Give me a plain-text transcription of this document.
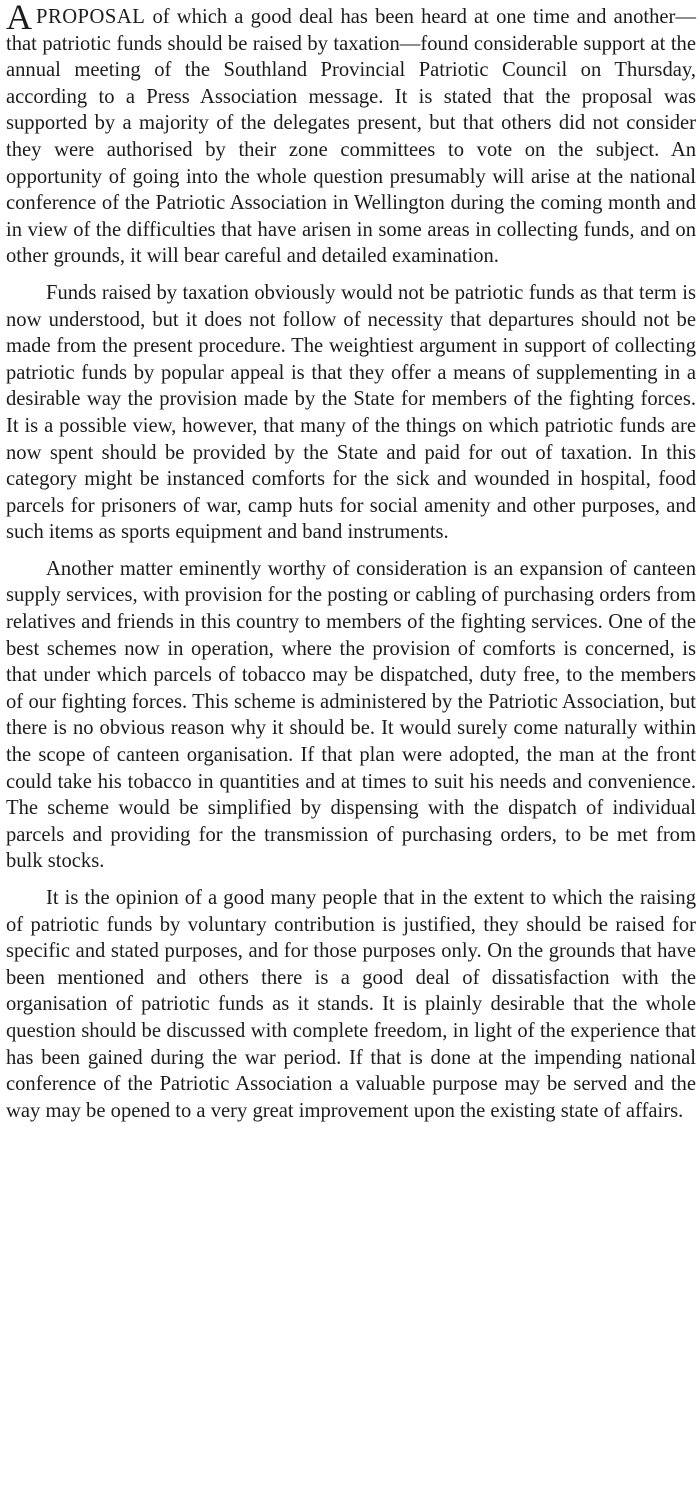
APROPOSAL of which a good deal has been heard at one time and another—that patriotic funds should be raised by taxation—found considerable support at the annual meeting of the Southland Provincial Patriotic Council on Thursday, according to a Press Association message. It is stated that the proposal was supported by a majority of the delegates present, but that others did not consider they were authorised by their zone committees to vote on the subject. An opportunity of going into the whole question presumably will arise at the national conference of the Patriotic Association in Wellington during the coming month and in view of the difficulties that have arisen in some areas in collecting funds, and on other grounds, it will bear careful and detailed examination.

Funds raised by taxation obviously would not be patriotic funds as that term is now understood, but it does not follow of necessity that departures should not be made from the present procedure. The weightiest argument in support of collecting patriotic funds by popular appeal is that they offer a means of supplementing in a desirable way the provision made by the State for members of the fighting forces. It is a possible view, however, that many of the things on which patriotic funds are now spent should be provided by the State and paid for out of taxation. In this category might be instanced comforts for the sick and wounded in hospital, food parcels for prisoners of war, camp huts for social amenity and other purposes, and such items as sports equipment and band instruments.

Another matter eminently worthy of consideration is an expansion of canteen supply services, with provision for the posting or cabling of purchasing orders from relatives and friends in this country to members of the fighting services. One of the best schemes now in operation, where the provision of comforts is concerned, is that under which parcels of tobacco may be dispatched, duty free, to the members of our fighting forces. This scheme is administered by the Patriotic Association, but there is no obvious reason why it should be. It would surely come naturally within the scope of canteen organisation. If that plan were adopted, the man at the front could take his tobacco in quantities and at times to suit his needs and convenience. The scheme would be simplified by dispensing with the dispatch of individual parcels and providing for the transmission of purchasing orders, to be met from bulk stocks.

It is the opinion of a good many people that in the extent to which the raising of patriotic funds by voluntary contribution is justified, they should be raised for specific and stated purposes, and for those purposes only. On the grounds that have been mentioned and others there is a good deal of dissatisfaction with the organisation of patriotic funds as it stands. It is plainly desirable that the whole question should be discussed with complete freedom, in light of the experience that has been gained during the war period. If that is done at the impending national conference of the Patriotic Association a valuable purpose may be served and the way may be opened to a very great improvement upon the existing state of affairs.
